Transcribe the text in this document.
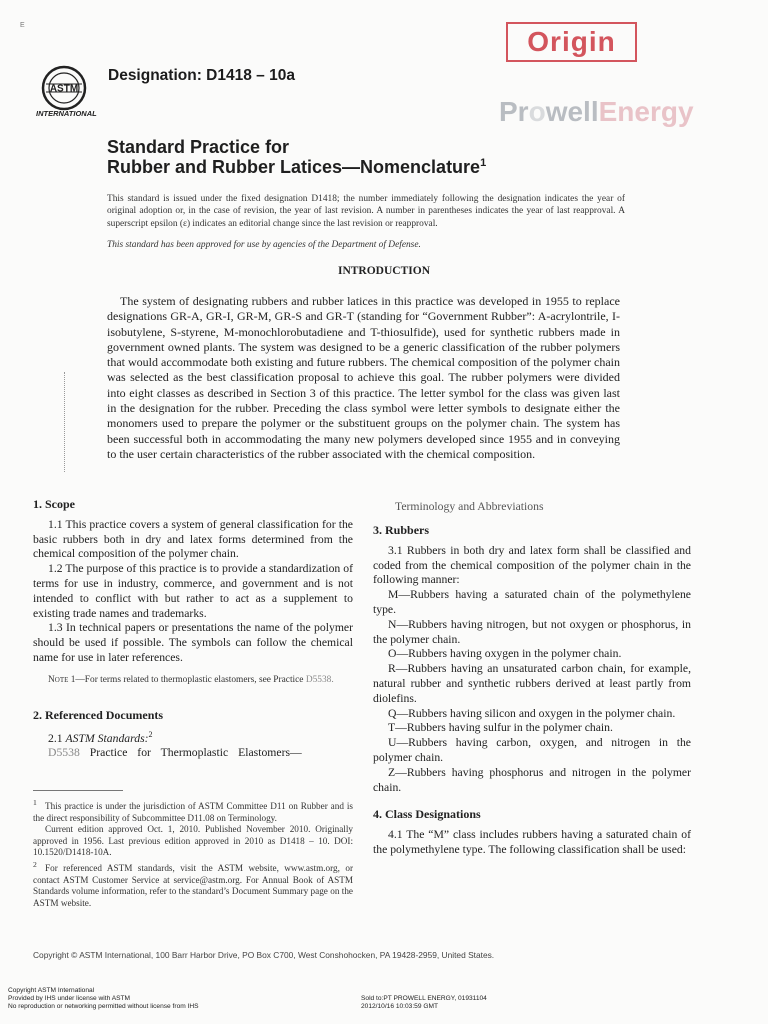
E
Origin
ProwellEnergy
ASTM
INTERNATIONAL
Designation: D1418 – 10a
Standard Practice for
Rubber and Rubber Latices—Nomenclature$^1$
This standard is issued under the fixed designation D1418; the number immediately following the designation indicates the year of original adoption or, in the case of revision, the year of last revision. A number in parentheses indicates the year of last reapproval. A superscript epsilon (ε) indicates an editorial change since the last revision or reapproval.
This standard has been approved for use by agencies of the Department of Defense.
INTRODUCTION
The system of designating rubbers and rubber latices in this practice was developed in 1955 to replace designations GR-A, GR-I, GR-M, GR-S and GR-T (standing for “Government Rubber”: A-acrylontrile, I-isobutylene, S-styrene, M-monochlorobutadiene and T-thiosulfide), used for synthetic rubbers made in government owned plants. The system was designed to be a generic classification of the rubber polymers that would accommodate both existing and future rubbers. The chemical composition of the polymer chain was selected as the best classification proposal to achieve this goal. The rubber polymers were divided into eight classes as described in Section 3 of this practice. The letter symbol for the class was given last in the designation for the rubber. Preceding the class symbol were letter symbols to designate either the monomers used to prepare the polymer or the substituent groups on the polymer chain. The system has been successful both in accommodating the many new polymers developed since 1955 and in conveying to the user certain characteristics of the rubber associated with the chemical composition.
1. Scope
1.1 This practice covers a system of general classification for the basic rubbers both in dry and latex forms determined from the chemical composition of the polymer chain.
1.2 The purpose of this practice is to provide a standardization of terms for use in industry, commerce, and government and is not intended to conflict with but rather to act as a supplement to existing trade names and trademarks.
1.3 In technical papers or presentations the name of the polymer should be used if possible. The symbols can follow the chemical name for use in later references.
Note 1—For terms related to thermoplastic elastomers, see Practice D5538.
2. Referenced Documents
2.1 ASTM Standards:$^2$
D5538 Practice for Thermoplastic Elastomers—
$^1$ This practice is under the jurisdiction of ASTM Committee D11 on Rubber and is the direct responsibility of Subcommittee D11.08 on Terminology.
Current edition approved Oct. 1, 2010. Published November 2010. Originally approved in 1956. Last previous edition approved in 2010 as D1418 – 10. DOI: 10.1520/D1418-10A.
$^2$ For referenced ASTM standards, visit the ASTM website, www.astm.org, or contact ASTM Customer Service at service@astm.org. For Annual Book of ASTM Standards volume information, refer to the standard’s Document Summary page on the ASTM website.
Terminology and Abbreviations
3. Rubbers
3.1 Rubbers in both dry and latex form shall be classified and coded from the chemical composition of the polymer chain in the following manner:
M—Rubbers having a saturated chain of the polymethylene type.
N—Rubbers having nitrogen, but not oxygen or phosphorus, in the polymer chain.
O—Rubbers having oxygen in the polymer chain.
R—Rubbers having an unsaturated carbon chain, for example, natural rubber and synthetic rubbers derived at least partly from diolefins.
Q—Rubbers having silicon and oxygen in the polymer chain.
T—Rubbers having sulfur in the polymer chain.
U—Rubbers having carbon, oxygen, and nitrogen in the polymer chain.
Z—Rubbers having phosphorus and nitrogen in the polymer chain.
4. Class Designations
4.1 The “M” class includes rubbers having a saturated chain of the polymethylene type. The following classification shall be used:
Copyright © ASTM International, 100 Barr Harbor Drive, PO Box C700, West Conshohocken, PA 19428-2959, United States.
Copyright ASTM International
Provided by IHS under license with ASTM
No reproduction or networking permitted without license from IHS
Sold to:PT PROWELL ENERGY, 01931104
2012/10/16 10:03:59 GMT
